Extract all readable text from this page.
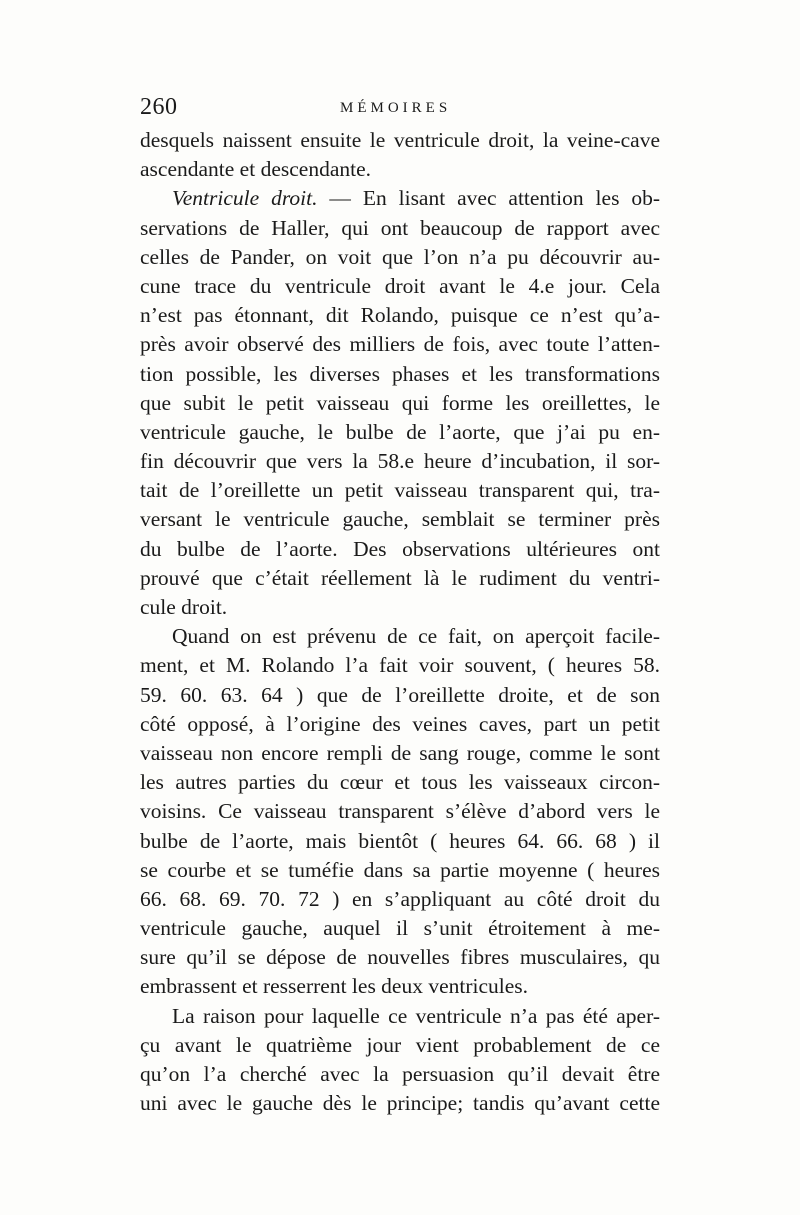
260	MÉMOIRES
desquels naissent ensuite le ventricule droit, la veine-cave
ascendante et descendante.
Ventricule droit. — En lisant avec attention les ob-
servations de Haller, qui ont beaucoup de rapport avec
celles de Pander, on voit que l’on n’a pu découvrir au-
cune trace du ventricule droit avant le 4.e jour. Cela
n’est pas étonnant, dit Rolando, puisque ce n’est qu’a-
près avoir observé des milliers de fois, avec toute l’atten-
tion possible, les diverses phases et les transformations
que subit le petit vaisseau qui forme les oreillettes, le
ventricule gauche, le bulbe de l’aorte, que j’ai pu en-
fin découvrir que vers la 58.e heure d’incubation, il sor-
tait de l’oreillette un petit vaisseau transparent qui, tra-
versant le ventricule gauche, semblait se terminer près
du bulbe de l’aorte. Des observations ultérieures ont
prouvé que c’était réellement là le rudiment du ventri-
cule droit.
Quand on est prévenu de ce fait, on aperçoit facile-
ment, et M. Rolando l’a fait voir souvent, ( heures 58.
59. 60. 63. 64 ) que de l’oreillette droite, et de son
côté opposé, à l’origine des veines caves, part un petit
vaisseau non encore rempli de sang rouge, comme le sont
les autres parties du cœur et tous les vaisseaux circon-
voisins. Ce vaisseau transparent s’élève d’abord vers le
bulbe de l’aorte, mais bientôt ( heures 64. 66. 68 ) il
se courbe et se tuméfie dans sa partie moyenne ( heures
66. 68. 69. 70. 72 ) en s’appliquant au côté droit du
ventricule gauche, auquel il s’unit étroitement à me-
sure qu’il se dépose de nouvelles fibres musculaires, qu
embrassent et resserrent les deux ventricules.
La raison pour laquelle ce ventricule n’a pas été aper-
çu avant le quatrième jour vient probablement de ce
qu’on l’a cherché avec la persuasion qu’il devait être
uni avec le gauche dès le principe; tandis qu’avant cette
